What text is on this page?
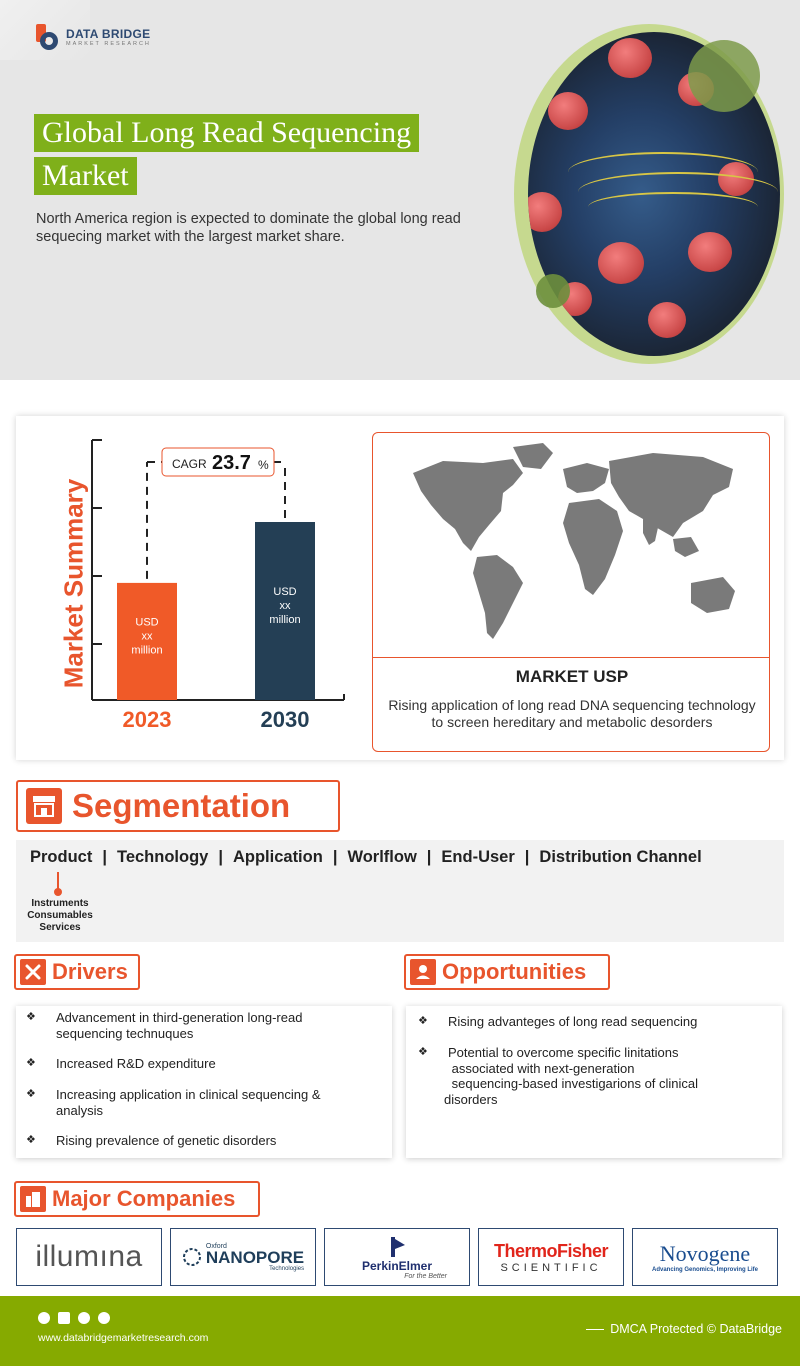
DATA BRIDGE
MARKET RESEARCH
Global Long Read Sequencing
Market
North America region is expected to dominate the global long read sequecing market with the largest market share.
Market Summary	USD
xx
million
2023
USD
xx
million
2030
CAGR 23.7 %
MARKET USP
Rising application of long read DNA sequencing technology to screen hereditary and metabolic desorders
Segmentation
Product | Technology | Application | Worlflow | End-User | Distribution Channel
Instruments
Consumables
Services
Drivers	Opportunities
❖ Advancement in third-generation long-read
sequencing technuques
❖ Increased R&D expenditure
❖ Increasing application in clinical sequencing &
analysis
❖ Rising prevalence of genetic disorders
❖ Rising advanteges of long read sequencing
❖ Potential to overcome specific linitations
associated with next-generation
sequencing-based investigarions of clinical
disorders
Major Companies
illumına	Oxford
NANOPORE
Technologies	PerkinElmer
For the Better
ThermoFisher
SCIENTIFIC
Novogene
Advancing Genomics, Improving Life
www.databridgemarketresearch.com
DMCA Protected © DataBridge
